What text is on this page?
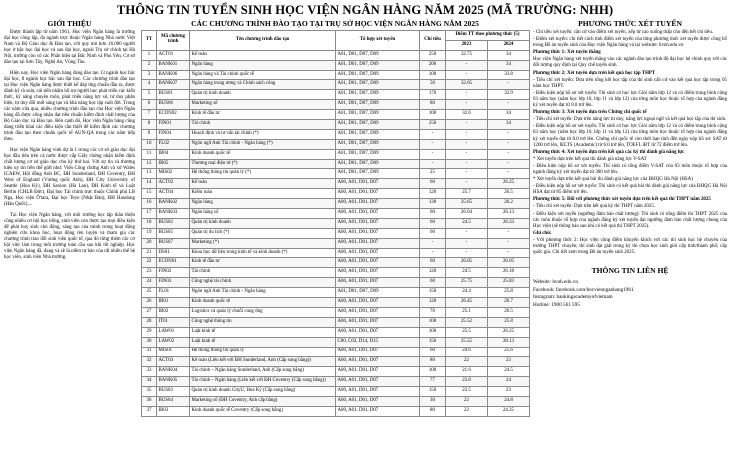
THÔNG TIN TUYỂN SINH HỌC VIỆN NGÂN HÀNG NĂM 2025 (MÃ TRƯỜNG: NHH)
GIỚI THIỆU

Được thành lập từ năm 1961, Học viện Ngân hàng là trường đại học công lập, đa ngành trực thuộc Ngân hàng Nhà nước Việt Nam và Bộ Giáo dục & Đào tạo, với quy mô hơn 16.000 người học ở bậc học đại học và sau đại học, ngoài Trụ sở chính tại Hà Nội, trường còn có các Phân hiệu tại Bắc Ninh và Phú Yên, Cơ sở đào tạo tại Sơn Tây, Nghệ An, Vũng Tàu.

Hiện nay, Học viện Ngân hàng đang đào tạo 13 ngành học bậc đại học, 8 ngành học bậc sau đại học. Các chương trình đào tạo tại Học viện Ngân hàng được thiết kế đáp ứng chuẩn đầu ra, được đánh kỹ rà soát, cải tiến nhằm hỗ trợ người học phát triển các kiến thức, kỹ năng chuyên môn, phát triển năng lực số, tư duy phản biện, tự duy đổi mới sáng tạo và khả năng học tập suốt đời. Trong các năm vừa qua, nhiều chương trình đào tạo của Học viện Ngân hàng đã được công nhận đạt tiêu chuẩn kiểm định chất lượng của Bộ Giáo dục và Đào tạo. Bên cạnh đó, Học viện Ngân hàng cũng đang triển khai các điều kiện cần thiết để kiểm định các chương trình đào tạo theo chuẩn quốc tế AUN-QA trong các năm tiếp theo.

Học viện Ngân hàng vinh dự là 1 trong các cơ sở giáo dục đại học đầu tiên trên cả nước được cấp Giấy chứng nhận kiểm định chất lượng cơ sở giáo dục chu kỳ thứ hai. Với sự tin và thương hiệu uy tín trên thế giới như: Viện Công chứng Anh và xứ Wales ICAEW, Hội đồng Anh BC, ĐH Sunderland, ĐH Coventry, ĐH West of England (Vương quốc Anh), ĐH City University of Seattle (Hoa Kỳ), ĐH Saxion (Hà Lan), ĐH Kinh tế và Luật Berlin (CHLB Đức), Đại học Tài chính trực thuộc Chính phủ LB Nga, Học viện Ô'tara, Đại học Teyo (Nhật Bản), ĐH Handong (Hàn Quốc),...

Tại Học viện Ngân hàng, với môi trường học tập thân thiện cũng nhiều cơ hội học bổng, sinh viên còn được tạo mọi điều kiện để phát huy sinh chủ động, sáng tạo của mình trong hoạt động nghiên cứu khoa học, hoạt động rèn luyện và tham gia các chương trình trao đổi sinh viên quốc tế, qua đó từng thêm các cơ hội việc làm trong môi trường toàn cầu sau khi tốt nghiệp. Học viện Ngân hàng đã, đang và sẽ là niềm tự hào của rất nhiều thế hệ học viên, sinh viên Nhà trường.

CÁC CHƯƠNG TRÌNH ĐÀO TẠO TẠI TRỤ SỞ HỌC VIỆN NGÂN HÀNG NĂM 2025
TT	Mã chương trình	Tên chương trình đào tạo	Tổ hợp xét tuyển	Chỉ tiêu	Điểm TT theo phương thức (5)	
					2023	2024
1	ACT01	Kế toán	A01, D01, D07, D09	250	32.75	34
2	BANK01	Ngân hàng	A01, D01, D07, D09	200	-	34
3	BANK06	Ngân hàng và Tài chính quốc tế	A01, D01, D07, D09	100	-	33.8
4	BANK07	Ngân hàng trung ương và Chính sách công	A01, D01, D07, D09	50	32.65	-
5	BUS01	Quản trị kinh doanh	A01, D01, D07, D09	170	-	33.9
6	BUS06	Marketing số	A01, D01, D07, D09	80	-	-
7	ECON02	Kinh tế đầu tư	A01, D01, D07, D09	100	32.6	34
8	FIN01	Tài chính	A01, D01, D07, D09	250	-	34
9	FIN04	Hoạch định và tư vấn tài chính (*)	A01, D01, D07, D09	-	-	-
10	FL02	Ngôn ngữ Anh Tài chính - Ngân hàng (*)	A01, D01, D07, D09	-	-	-
11	IB04	Kinh doanh quốc tế	A01, D01, D07, D09	-	-	-
12	IB05	Thương mại điện tử (*)	A01, D01, D07, D09	-	-	-
13	MIS02	Hệ thống thông tin quản lý (*)	A01, D01, D07, D09	25	-	-
14	ACT02	Kế toán	A00, A01, D01, D07	60	-	26.25
15	ACT04	Kiểm toán	A00, A01, D01, D07	120	25.7	26.5
16	BANK02	Ngân hàng	A00, A01, D01, D07	130	25.65	26.2
17	BANK03	Ngân hàng số	A00, A01, D01, D07	60	26.04	26.13
18	BUS02	Quản trị kinh doanh	A00, A01, D01, D07	60	24.5	26.33
19	BUS05	Quản trị du lịch (*)	A00, A01, D01, D07	60	-	-
20	BUS07	Marketing (*)	A00, A01, D01, D07	-	-	-
21	DS01	Khoa học dữ liệu trong kinh tế và kinh doanh (*)	A00, A01, D01, D07	-	-	-
22	ECON01	Kinh tế đầu tư	A00, A01, D01, D07	60	26.05	26.05
23	FIN02	Tài chính	A00, A01, D01, D07	120	24.5	26.18
24	FIN03	Công nghệ tài chính	A00, A01, D01, D07	60	25.75	25.83
25	FL01	Ngôn ngữ Anh Tài chính - Ngân hàng	A01, D01, D07, D09	150	24.4	25.8
26	IB01	Kinh doanh quốc tế	A00, A01, D01, D07	120	26.45	26.7
27	IB02	Logistics và quản lý chuỗi cung ứng	A00, A01, D01, D07	70	25.1	26.5
28	IT01	Công nghệ thông tin	A00, A01, D01, D07	100	25.52	25.8
29	LAW01	Luật kinh tế	A00, A01, D01, D07	100	25.5	26.25
30	LAW02	Luật kinh tế	C00, C03, D14, D15	150	25.55	28.13
31	MIS01	Hệ thống thông tin quản lý	A00, A01, D01, D07	60	24.6	25.6
32	ACT03	Kế toán (Liên kết với ĐH Sunderland, Anh (Cấp song bằng))	A00, A01, D01, D07	80	22	23
33	BANK04	Tài chính – Ngân hàng Sunderland, Anh (Cấp song bằng)	A00, A01, D01, D07	100	21.6	24.5
34	BANK05	Tài chính – Ngân hàng (Liên kết với ĐH Coventry (Cấp song bằng))	A00, A01, D01, D07	77	23.8	24
35	BUS03	Quản trị kinh doanh CityU, Hoa Kỳ (Cấp song bằng)	A00, A01, D01, D07	150	23.5	23
36	BUS04	Marketing số (ĐH Coventry, Anh cấp bằng)	A00, A01, D01, D07	30	22	24.8
37	IB03	Kinh doanh quốc tế Coventry (Cấp song bằng)	A00, A01, D01, D07	80	22	24.25
PHƯƠNG THỨC XÉT TUYỂN

- Chỉ tiêu xét tuyển: căn cứ vào điểm xét tuyển, xếp từ cao xuống thấp cho đến hết chỉ tiêu.

- Điểm xét tuyển: chi tiết cách tính điểm xét tuyển của từng phương thức xét tuyển được công bố trong Đề án tuyển sinh của Học viện Ngân hàng và tại website: hvnh.edu.vn

Phương thức 1: Xét tuyển thẳng

Học viện Ngân hàng xét tuyển thẳng vào các ngành đào tạo trình độ đại học hệ chính quy với các đối tượng quy định tại Quy chế tuyển sinh.

Phương thức 2: Xét tuyển dựa trên kết quả học tập THPT

- Tiêu chí xét tuyển: Dựa trên tổng kết học tập của thí sinh cấn cứ vào kết quả học tập trong 05 năm học THPT.

- Điều kiện nộp hồ sơ xét tuyển: Thí sinh có học lực Giỏi năm lớp 12 và có điểm trung bình cộng 03 năm học (năm học lớp 10, lớp 11 và lớp 12) của từng môn học thuộc tổ hợp của ngành đăng ký xét tuyển đạt từ 8.0 trở lên.

Phương thức 3: Xét tuyển dựa trên Chứng chỉ quốc tế

- Tiêu chí xét tuyển: Dựa trên năng lực tư duy, năng lực ngoại ngữ và kết quả học tập của thí sinh.

- Điều kiện nộp hồ sơ xét tuyển: Thí sinh có học lực Giỏi năm lớp 12 và có điểm trung bình cộng 03 năm học (năm học lớp 10, lớp 11 và lớp 12) của từng môn học thuộc tổ hợp của ngành đăng ký xét tuyển đạt từ 8.0 trở lên. Chứng chỉ quốc tế còn thời hạn tính đến ngày nộp hồ sơ: SAT từ 1200 trở lên, IELTS (Academic) từ 6.0 trở lên, TOEFL iBT từ 72 điểm trở lên.

Phương thức 4: Xét tuyển dựa trên kết quả các kỳ thi đánh giá năng lực

* Xét tuyển dựa trên kết quả thi đánh giá năng lực V-SAT

- Điều kiện nộp hồ sơ xét tuyển: Thí sinh có tổng điểm V-SAT của 03 môn thuộc tổ hợp của ngành đăng ký xét tuyển đạt từ 300 trở lên.

* Xét tuyển dựa trên kết quả bài thi đánh giá năng lực của ĐHQG Hà Nội (HSA)

- Điều kiện nộp hồ sơ xét tuyển: Thí sinh có kết quả bài thi đánh giá năng lực của ĐHQG Hà Nội HSA đạt từ 85 điểm trở lên.

Phương thức 5: Đối với phương thức xét tuyển dựa trên kết quả thi THPT năm 2025

- Tiêu chí xét tuyển: Dựa trên kết quả kỳ thi THPT năm 2025.

- Điều kiện xét tuyển (ngưỡng đảm bảo chất lượng): Thí sinh có tổng điểm thi THPT 2025 của các môn thuộc tổ hợp của ngành đăng ký xét tuyển đạt ngưỡng đảm bảo chất lượng chung của Học viện (sẽ thông báo sau khi có kết quả thi THPT 2025).

Ghi chú:

- Với phương thức 2: Học viện cộng điểm khuyến khích với các thí sinh học hệ chuyên của trường THPT chuyên; thí sinh đạt giải trong kỳ thi chọn học sinh giỏi cấp tỉnh/thành phố; cấp quốc gia. Chi tiết xem trong Đề án tuyển sinh 2025.

THÔNG TIN LIÊN HỆ

Website: hvnh.edu.vn

Facebook: facebook.com/hocviennganhang1961

Instagram: bankingacademyofvietnam

Hotline: 1900 561 595
